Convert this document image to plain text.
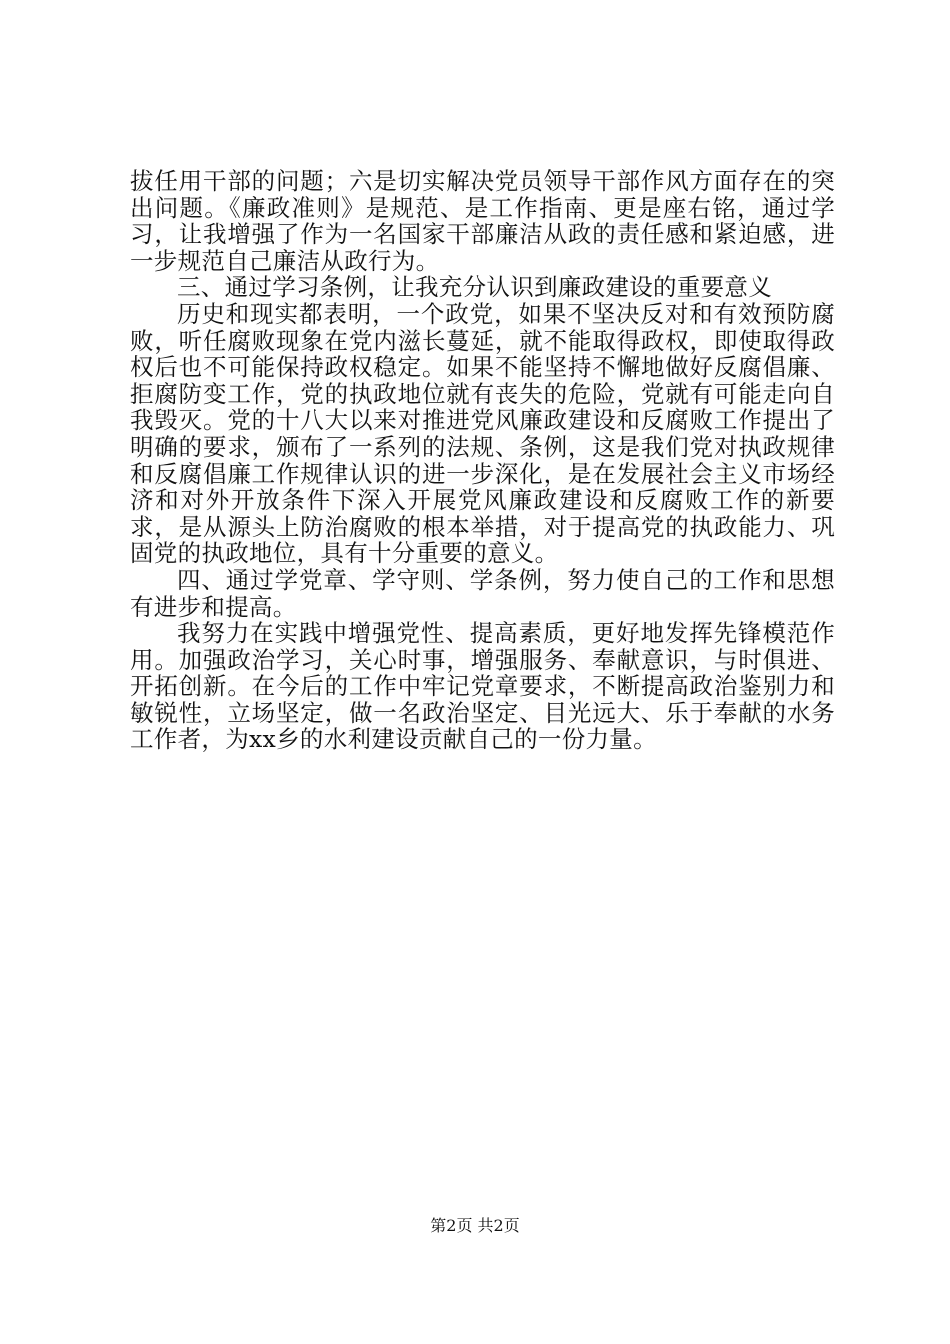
拔任用干部的问题；六是切实解决党员领导干部作风方面存在的突出问题。《廉政准则》是规范、是工作指南、更是座右铭，通过学习，让我增强了作为一名国家干部廉洁从政的责任感和紧迫感，进一步规范自己廉洁从政行为。

三、通过学习条例，让我充分认识到廉政建设的重要意义

历史和现实都表明，一个政党，如果不坚决反对和有效预防腐败，听任腐败现象在党内滋长蔓延，就不能取得政权，即使取得政权后也不可能保持政权稳定。如果不能坚持不懈地做好反腐倡廉、拒腐防变工作，党的执政地位就有丧失的危险，党就有可能走向自我毁灭。党的十八大以来对推进党风廉政建设和反腐败工作提出了明确的要求，颁布了一系列的法规、条例，这是我们党对执政规律和反腐倡廉工作规律认识的进一步深化，是在发展社会主义市场经济和对外开放条件下深入开展党风廉政建设和反腐败工作的新要求，是从源头上防治腐败的根本举措，对于提高党的执政能力、巩固党的执政地位，具有十分重要的意义。

四、通过学党章、学守则、学条例，努力使自己的工作和思想有进步和提高。

我努力在实践中增强党性、提高素质，更好地发挥先锋模范作用。加强政治学习，关心时事，增强服务、奉献意识，与时俱进、开拓创新。在今后的工作中牢记党章要求，不断提高政治鉴别力和敏锐性，立场坚定，做一名政治坚定、目光远大、乐于奉献的水务工作者，为xx乡的水利建设贡献自己的一份力量。

第2页 共2页
